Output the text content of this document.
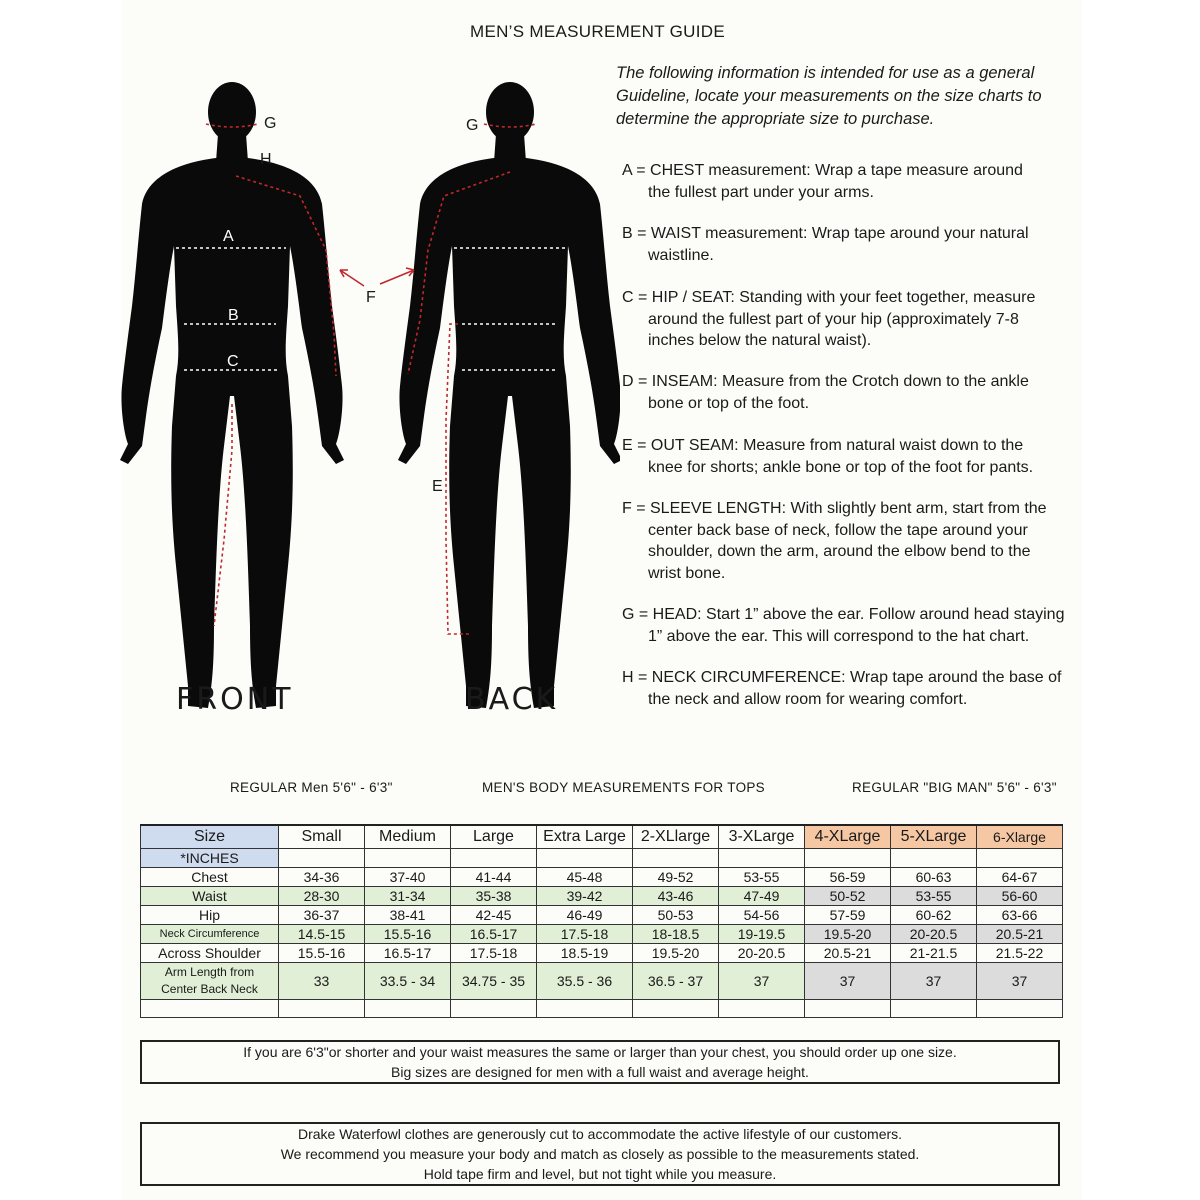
MEN’S MEASUREMENT GUIDE
G
H
A
B
C
D
F
G
E
FRONT	BACK
The following information is intended for use as a general Guideline, locate your measurements on the size charts to determine the appropriate size to purchase.
A = CHEST measurement: Wrap a tape measure around
the fullest part under your arms.
B = WAIST measurement: Wrap tape around your natural
waistline.
C = HIP / SEAT: Standing with your feet together, measure
around the fullest part of your hip (approximately 7-8 inches below the natural waist).
D = INSEAM: Measure from the Crotch down to the ankle
bone or top of the foot.
E = OUT SEAM: Measure from natural waist down to the
knee for shorts; ankle bone or top of the foot for pants.
F = SLEEVE LENGTH: With slightly bent arm, start from the
center back base of neck, follow the tape around your shoulder, down the arm, around the elbow bend to the wrist bone.
G = HEAD: Start 1” above the ear. Follow around head staying
1” above the ear. This will correspond to the hat chart.
H = NECK CIRCUMFERENCE: Wrap tape around the base of
the neck and allow room for wearing comfort.
REGULAR Men 5'6" - 6'3"	MEN'S BODY MEASUREMENTS FOR TOPS	REGULAR "BIG MAN" 5'6" - 6'3"
Size	Small	Medium	Large	Extra Large	2-XLlarge	3-XLarge	4-XLarge	5-XLarge	6-Xlarge
*INCHES									
Chest	34-36	37-40	41-44	45-48	49-52	53-55	56-59	60-63	64-67
Waist	28-30	31-34	35-38	39-42	43-46	47-49	50-52	53-55	56-60
Hip	36-37	38-41	42-45	46-49	50-53	54-56	57-59	60-62	63-66
Neck Circumference	14.5-15	15.5-16	16.5-17	17.5-18	18-18.5	19-19.5	19.5-20	20-20.5	20.5-21
Across Shoulder	15.5-16	16.5-17	17.5-18	18.5-19	19.5-20	20-20.5	20.5-21	21-21.5	21.5-22

Arm Length from
Center Back Neck	33	33.5 - 34	34.75 - 35	35.5 - 36	36.5 - 37	37	37	37	37

If you are 6'3"or shorter and your waist measures the same or larger than your chest, you should order up one size.
Big sizes are designed for men with a full waist and average height.
Drake Waterfowl clothes are generously cut to accommodate the active lifestyle of our customers.
We recommend you measure your body and match as closely as possible to the measurements stated.
Hold tape firm and level, but not tight while you measure.
